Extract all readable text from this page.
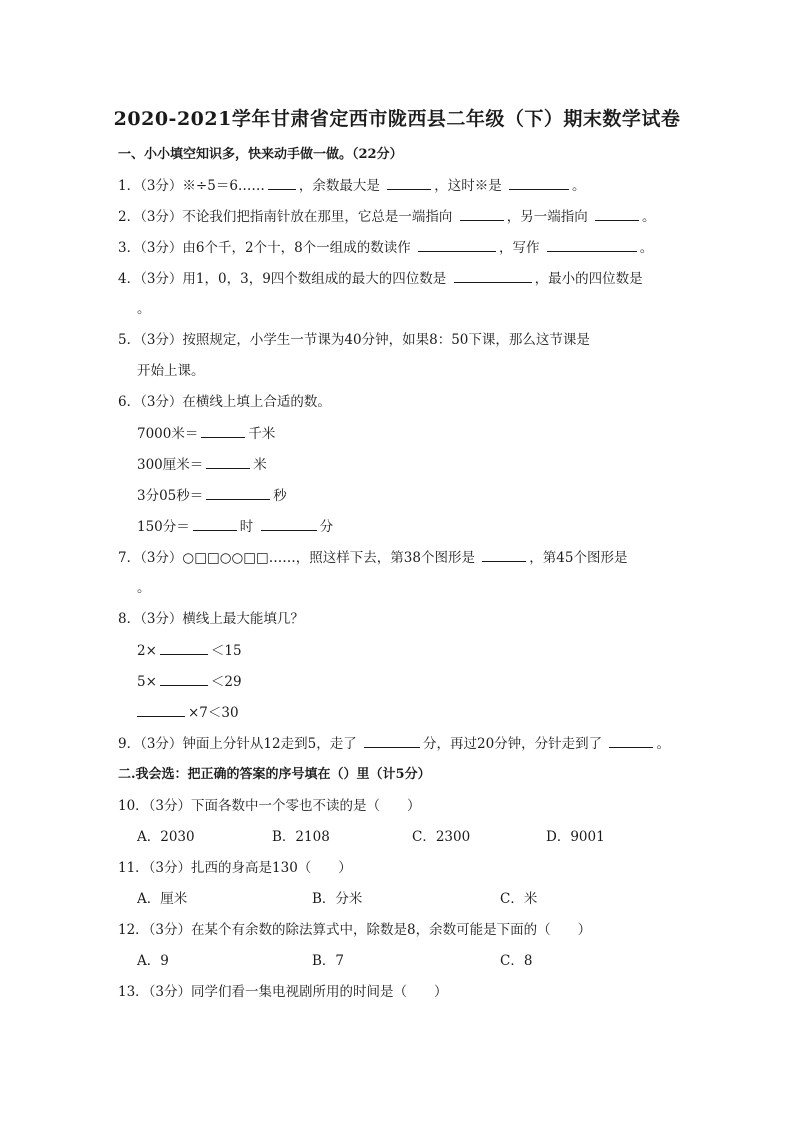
2020-2021学年甘肃省定西市陇西县二年级（下）期末数学试卷
一、小小填空知识多，快来动手做一做。（22分）
1．（3分）※÷5＝6……	，余数最大是	，这时※是	。
2．（3分）不论我们把指南针放在那里，它总是一端指向	，另一端指向	。
3．（3分）由6个千，2个十，8个一组成的数读作	，写作	。
4．（3分）用1，0，3，9四个数组成的最大的四位数是	，最小的四位数是
。
5．（3分）按照规定，小学生一节课为40分钟，如果8：50下课，那么这节课是
开始上课。
6．（3分）在横线上填上合适的数。
7000米＝	千米
300厘米＝	米
3分05秒＝	秒
150分＝	时	分
7．（3分）○□□○○□□……，照这样下去，第38个图形是	，第45个图形是
。
8．（3分）横线上最大能填几？
2×	＜15
5×	＜29
×7＜30
9．（3分）钟面上分针从12走到5，走了	分，再过20分钟，分针走到了	。
二.我会选：把正确的答案的序号填在（）里（计5分）
10．（3分）下面各数中一个零也不读的是（　　）
A．2030	B．2108	C．2300	D．9001
11．（3分）扎西的身高是130（　　）
A．厘米	B．分米	C．米
12．（3分）在某个有余数的除法算式中，除数是8，余数可能是下面的（　　）
A．9	B．7	C．8
13．（3分）同学们看一集电视剧所用的时间是（　　）
